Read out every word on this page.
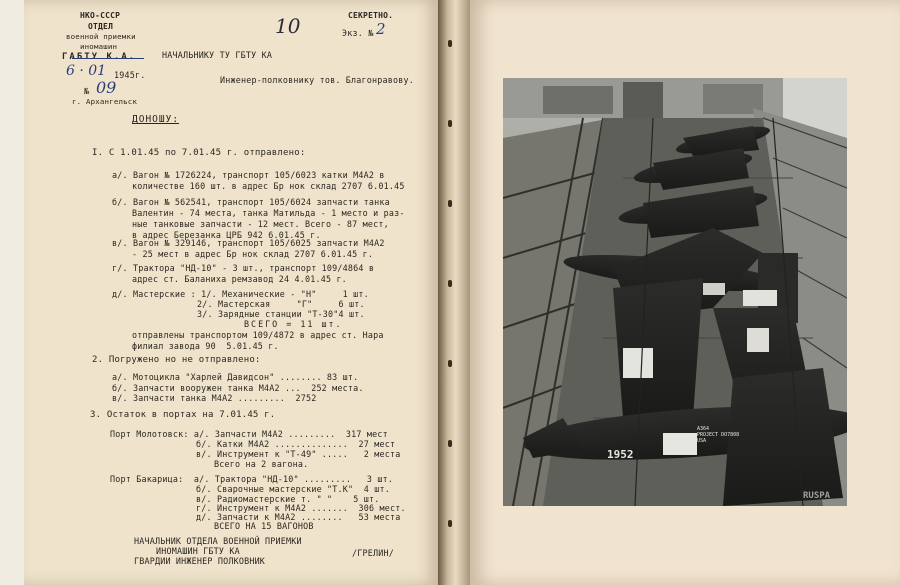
НКО-СССР
ОТДЕЛ
военной приемки
иномашин
ГАБТУ К.А.
6 · 01 1945г.
№ 09
г. Архангельск
10	СЕКРЕТНО.
Экз. № 2
НАЧАЛЬНИКУ ТУ ГБТУ КА
Инженер-полковнику тов. Благонравову.
ДОНОШУ:
I. С 1.01.45 по 7.01.45 г. отправлено:
а/. Вагон № 1726224, транспорт 105/6023 катки М4А2 в
количестве 160 шт. в адрес Бр нок склад 2707 6.01.45
б/. Вагон № 562541, транспорт 105/6024 запчасти танка
Валентин - 74 места, танка Матильда - 1 место и раз-
ные танковые запчасти - 12 мест. Всего - 87 мест,
в адрес Березанка ЦРБ 942 6.01.45 г.
в/. Вагон № 329146, транспорт 105/6025 запчасти М4А2
- 25 мест в адрес Бр нок склад 2707 6.01.45 г.
г/. Трактора "НД-10" - 3 шт., транспорт 109/4864 в
адрес ст. Баланиха ремзавод 24 4.01.45 г.
д/. Мастерские : 1/. Механические - "Н"     1 шт.
2/. Мастерская     "Г"     6 шт.
3/. Зарядные станции "Т-30"4 шт.
ВСЕГО = 11 шт.
отправлены транспортом 109/4872 в адрес ст. Нара
филиал завода 90  5.01.45 г.
2. Погружено но не отправлено:
а/. Мотоцикла "Харлей Давидсон" ........ 83 шт.
б/. Запчасти вооружен танка М4А2 ...  252 места.
в/. Запчасти танка М4А2 .........  2752
3. Остаток в портах на 7.01.45 г.
Порт Молотовск: а/. Запчасти М4А2 .........  317 мест
б/. Катки М4А2 ..............  27 мест
в/. Инструмент к "Т-49" .....   2 места
Всего на 2 вагона.
Порт Бакарица:  а/. Трактора "НД-10" .........   3 шт.
б/. Сварочные мастерские "Т.К"  4 шт.
в/. Радиомастерские т. " "    5 шт.
г/. Инструмент к М4А2 .......  306 мест.
д/. Запчасти к М4А2 ........   53 места
ВСЕГО НА 15 ВАГОНОВ
НАЧАЛЬНИК ОТДЕЛА ВОЕННОЙ ПРИЕМКИ
ИНОМАШИН ГБТУ КА
ГВАРДИИ ИНЖЕНЕР ПОЛКОВНИК
/ГРЕЛИН/
1952
A364
PROJECT DO7808
USA
RUSPA
